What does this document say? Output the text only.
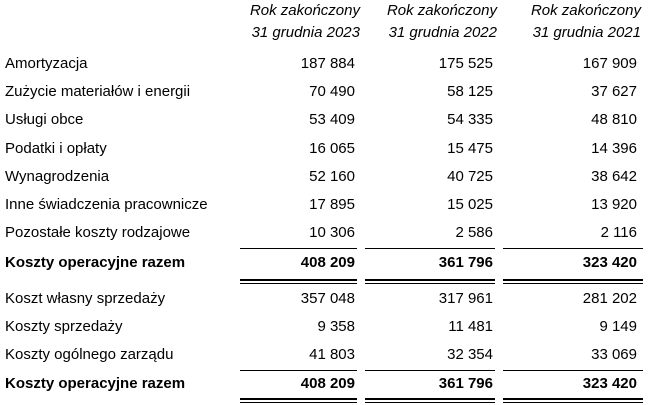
Rok zakończony
31 grudnia 2023
Rok zakończony
31 grudnia 2022
Rok zakończony
31 grudnia 2021
Amortyzacja	187 884	175 525	167 909
Zużycie materiałów i energii	70 490	58 125	37 627
Usługi obce	53 409	54 335	48 810
Podatki i opłaty	16 065	15 475	14 396
Wynagrodzenia	52 160	40 725	38 642
Inne świadczenia pracownicze	17 895	15 025	13 920
Pozostałe koszty rodzajowe	10 306	2 586	2 116
Koszty operacyjne razem	408 209	361 796	323 420
Koszt własny sprzedaży	357 048	317 961	281 202
Koszty sprzedaży	9 358	11 481	9 149
Koszty ogólnego zarządu	41 803	32 354	33 069
Koszty operacyjne razem	408 209	361 796	323 420
